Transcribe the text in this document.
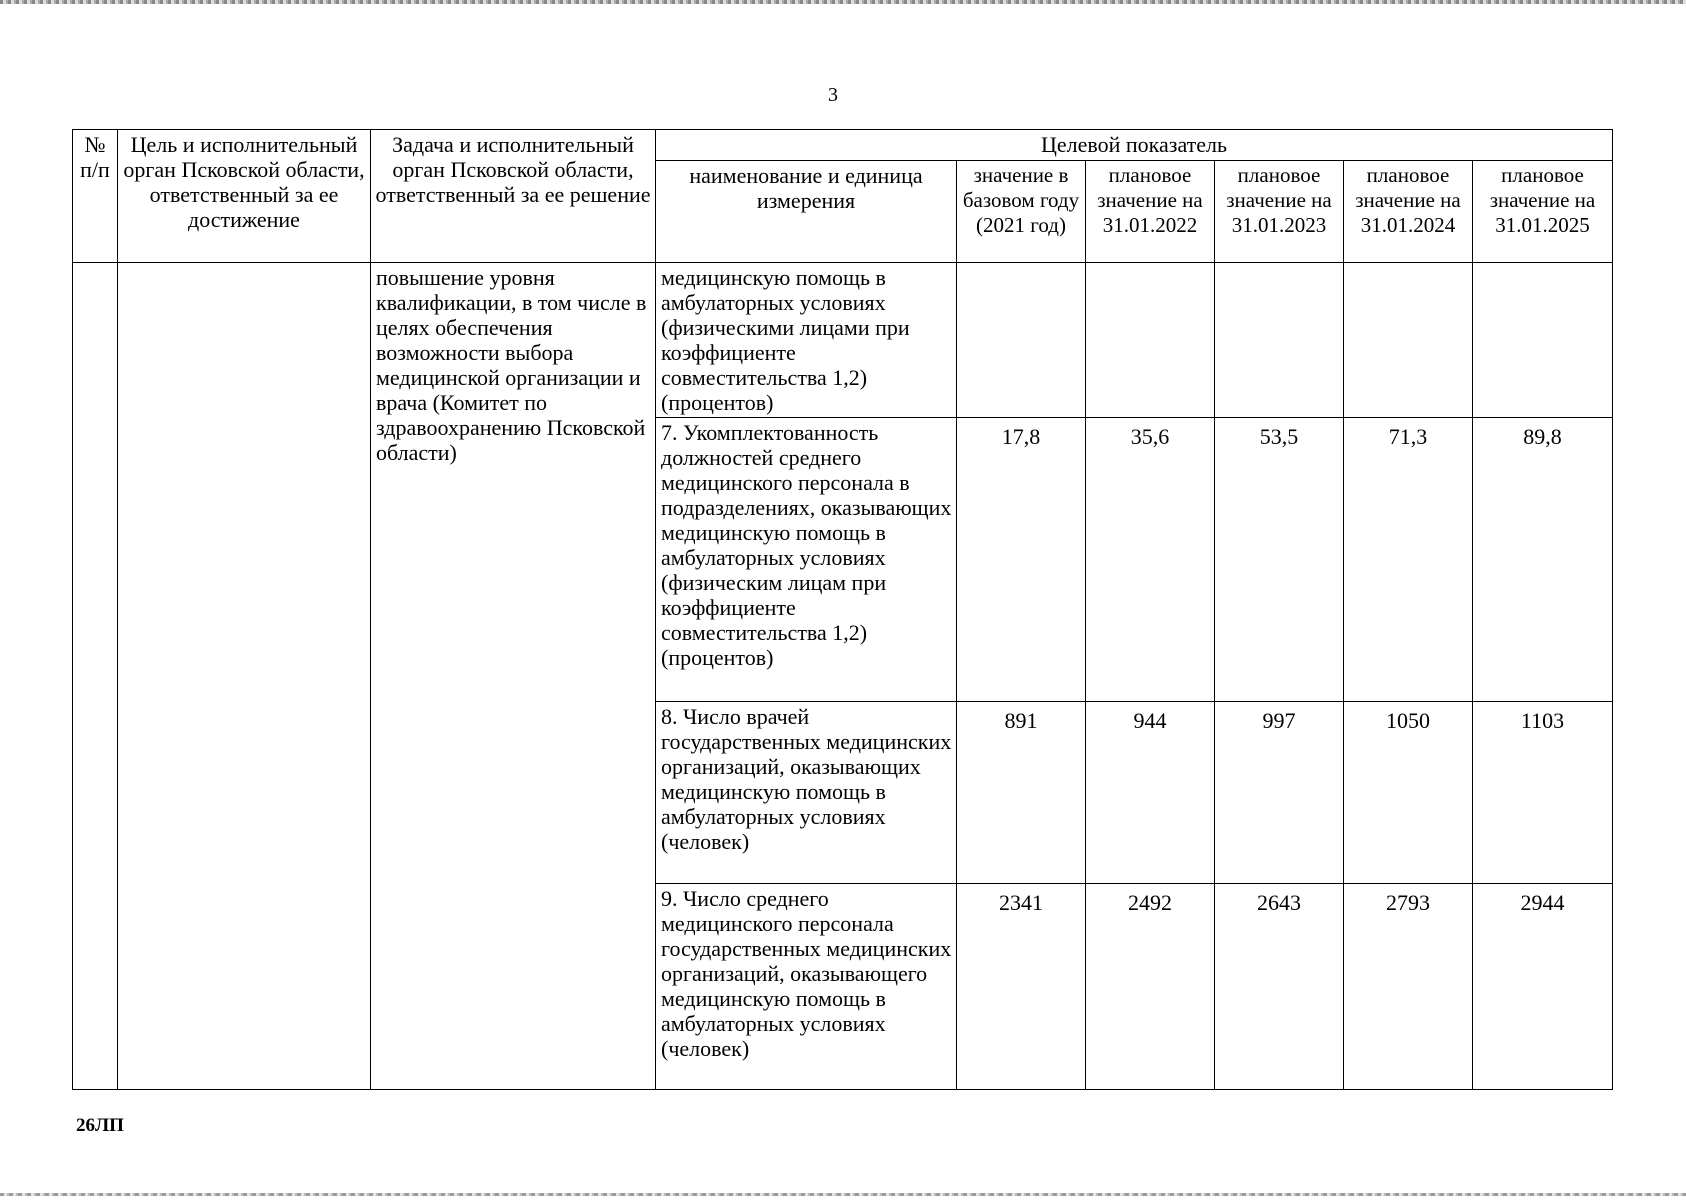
3
№ п/п	Цель и исполнительный орган Псковской области, ответственный за ее достижение	Задача и исполнительный орган Псковской области, ответственный за ее решение	Целевой показатель					
			наименование и единица измерения	значение в базовом году (2021 год)	плановое значение на 31.01.2022	плановое значение на 31.01.2023	плановое значение на 31.01.2024	плановое значение на 31.01.2025
		повышение уровня квалификации, в том числе в целях обеспечения возможности выбора медицинской организации и врача (Комитет по здравоохранению Псковской области)	медицинскую помощь в амбулаторных условиях (физическими лицами при коэффициенте совместительства 1,2) (процентов)					
			7. Укомплектованность должностей среднего медицинского персонала в подразделениях, оказывающих медицинскую помощь в амбулаторных условиях (физическим лицам при коэффициенте совместительства 1,2) (процентов)	17,8	35,6	53,5	71,3	89,8
			8. Число врачей государственных медицинских организаций, оказывающих медицинскую помощь в амбулаторных условиях (человек)	891	944	997	1050	1103
			9. Число среднего медицинского персонала государственных медицинских организаций, оказывающего медицинскую помощь в амбулаторных условиях (человек)	2341	2492	2643	2793	2944
26ЛП
